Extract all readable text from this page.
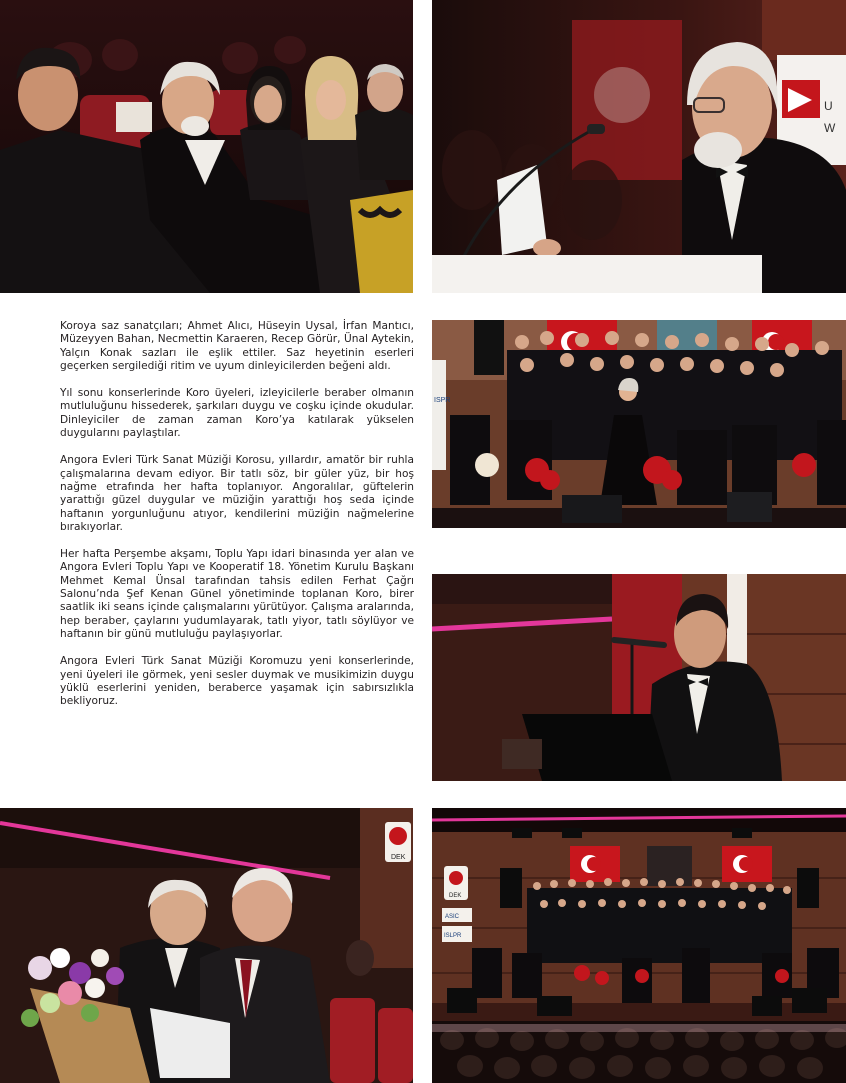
U
W

Koroya saz sanatçıları; Ahmet Alıcı, Hüseyin Uysal, İrfan Mantıcı, Müzeyyen Bahan, Necmettin Karaeren, Recep Görür, Ünal Aytekin, Yalçın Konak sazları ile eşlik ettiler. Saz heyetinin eserleri geçerken sergilediği ritim ve uyum dinleyicilerden beğeni aldı.

Yıl sonu konserlerinde Koro üyeleri, izleyicilerle beraber olmanın mutluluğunu hissederek, şarkıları duygu ve coşku içinde okudular. Dinleyiciler de zaman zaman Koro’ya katılarak yükselen duygularını paylaştılar.

Angora Evleri Türk Sanat Müziği Korosu, yıllardır, amatör bir ruhla çalışmalarına devam ediyor. Bir tatlı söz, bir güler yüz, bir hoş nağme etrafında her hafta toplanıyor. Angoralılar, güftelerin yarattığı güzel duygular ve müziğin yarattığı hoş seda içinde haftanın yorgunluğunu atıyor, kendilerini müziğin nağmelerine bırakıyorlar.

Her hafta Perşembe akşamı, Toplu Yapı idari binasında yer alan ve Angora Evleri Toplu Yapı ve Kooperatif 18. Yönetim Kurulu Başkanı Mehmet Kemal Ünsal tarafından tahsis edilen Ferhat Çağrı Salonu’nda Şef Kenan Günel yönetiminde toplanan Koro, birer saatlik iki seans içinde çalışmalarını yürütüyor. Çalışma aralarında, hep beraber, çaylarını yudumlayarak, tatlı yiyor, tatlı söylüyor ve haftanın bir günü mutluluğu paylaşıyorlar.

Angora Evleri Türk Sanat Müziği Koromuzu yeni konserlerinde, yeni üyeleri ile görmek, yeni sesler duymak ve musikimizin duygu yüklü eserlerini yeniden, beraberce yaşamak için sabırsızlıkla bekliyoruz.

ISPR
DEK
DEK
ASIC
ISLPR
